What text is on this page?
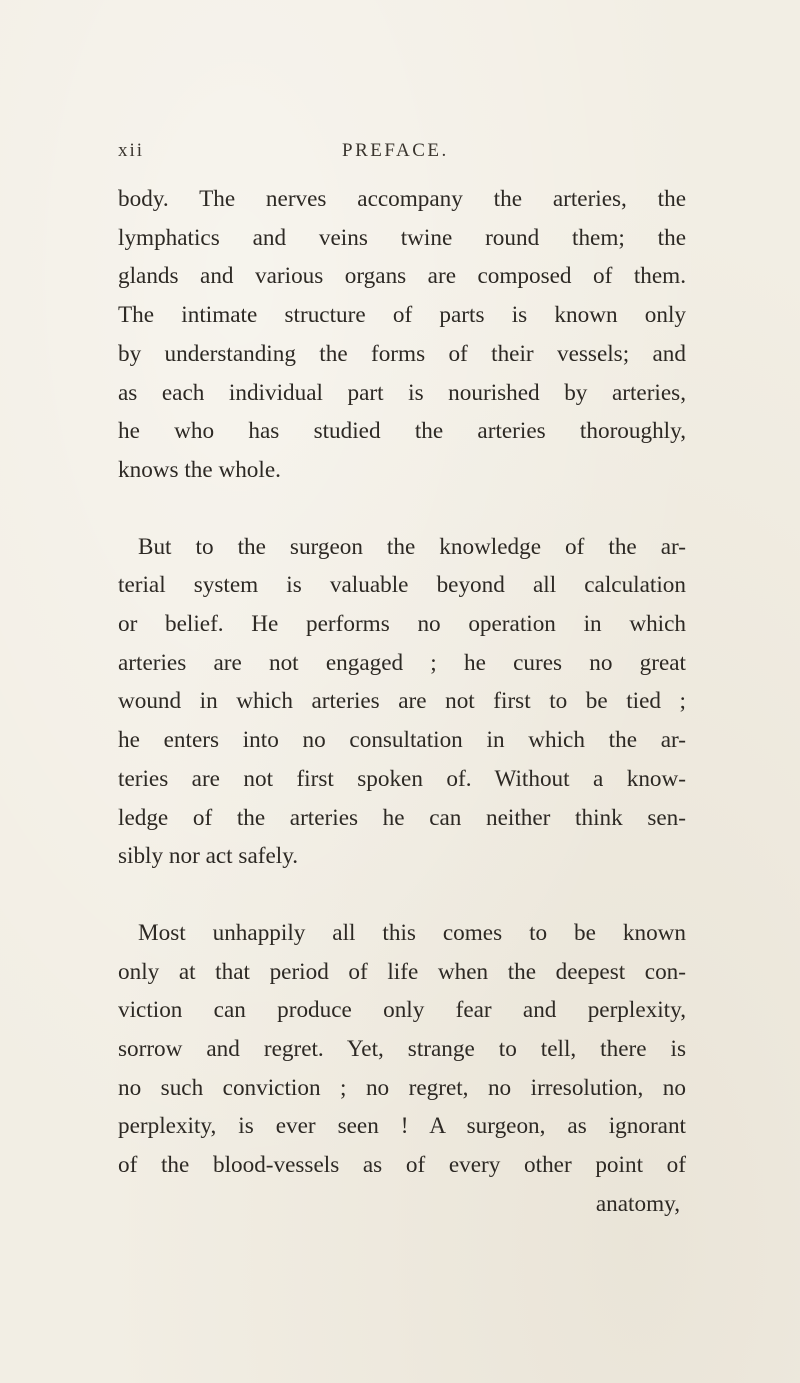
xii	PREFACE.

body. The nerves accompany the arteries, the
lymphatics and veins twine round them; the
glands and various organs are composed of them.
The intimate structure of parts is known only
by understanding the forms of their vessels; and
as each individual part is nourished by arteries,
he who has studied the arteries thoroughly,
knows the whole.

But to the surgeon the knowledge of the ar-
terial system is valuable beyond all calculation
or belief. He performs no operation in which
arteries are not engaged ; he cures no great
wound in which arteries are not first to be tied ;
he enters into no consultation in which the ar-
teries are not first spoken of. Without a know-
ledge of the arteries he can neither think sen-
sibly nor act safely.

Most unhappily all this comes to be known
only at that period of life when the deepest con-
viction can produce only fear and perplexity,
sorrow and regret. Yet, strange to tell, there is
no such conviction ; no regret, no irresolution, no
perplexity, is ever seen ! A surgeon, as ignorant
of the blood-vessels as of every other point of

anatomy,
